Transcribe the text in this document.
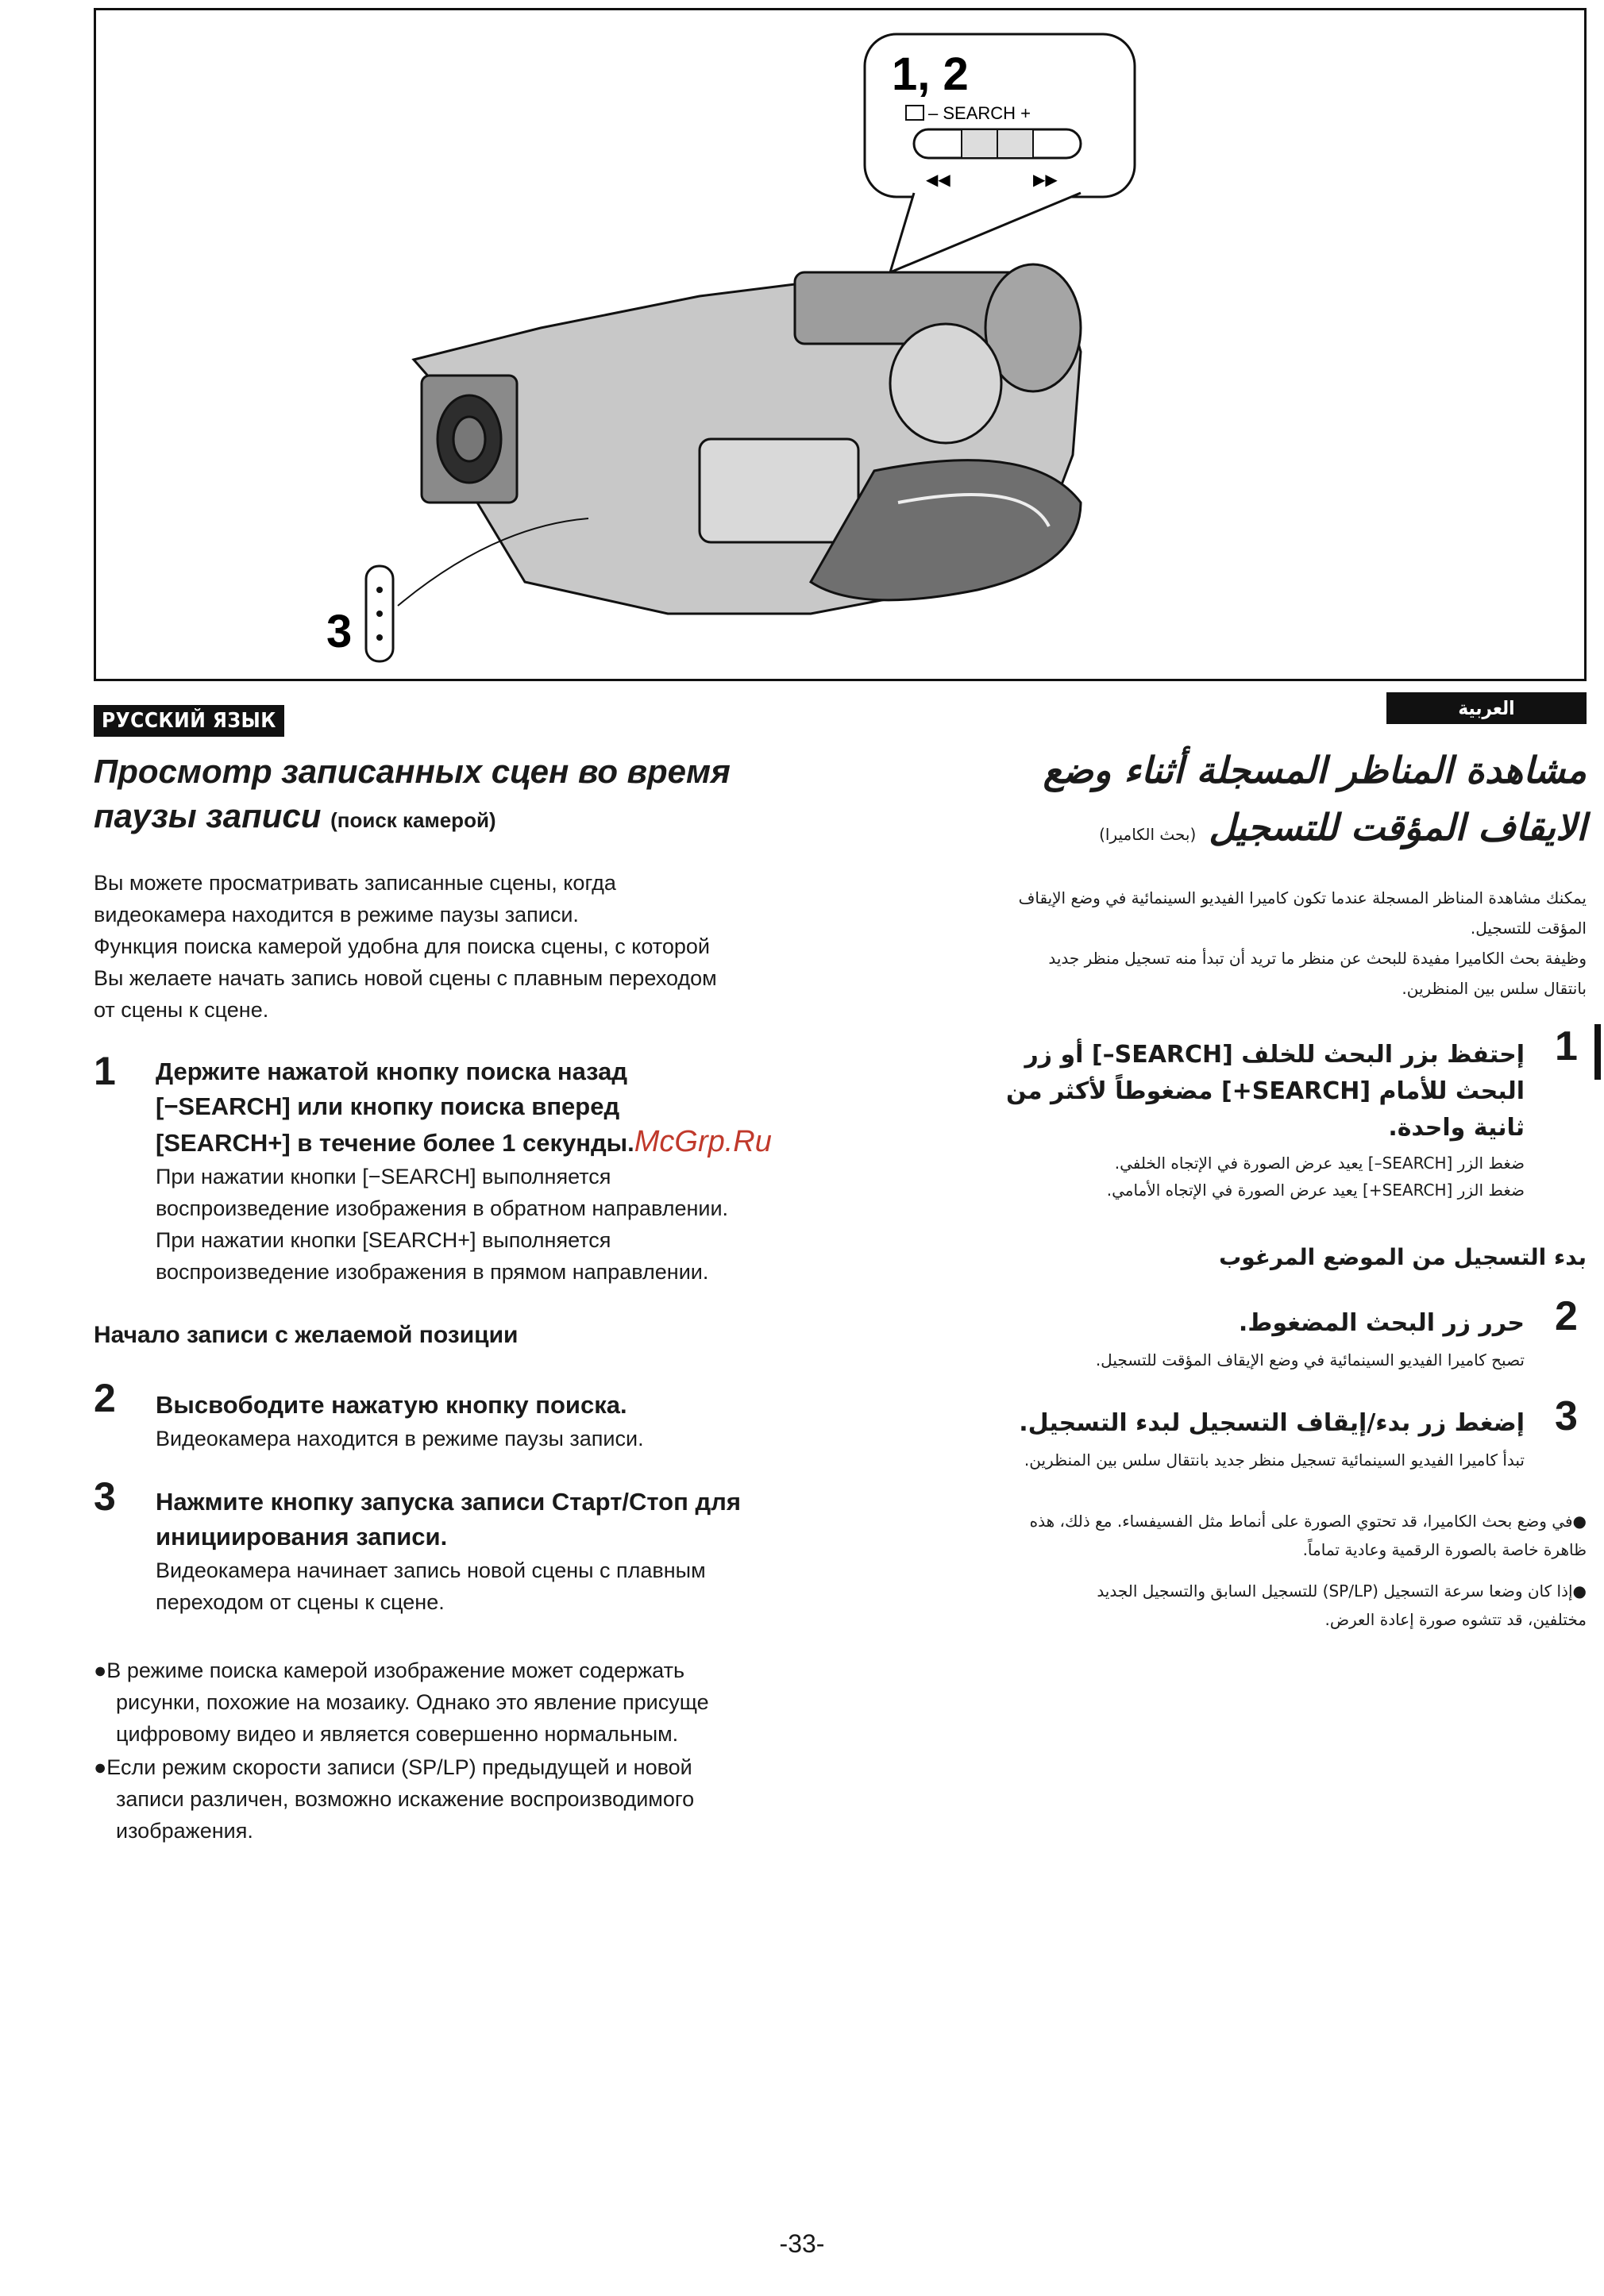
1, 2
– SEARCH +
◀◀	▶▶
3
РУССКИЙ ЯЗЫК
Просмотр записанных сцен во время
паузы записи (поиск камерой)
Вы можете просматривать записанные сцены, когда
видеокамера находится в режиме паузы записи.
Функция поиска камерой удобна для поиска сцены, с которой
Вы желаете начать запись новой сцены с плавным переходом
от сцены к сцене.
1 Держите нажатой кнопку поиска назад
[−SEARCH] или кнопку поиска вперед
[SEARCH+] в течение более 1 секунды.McGrp.Ru
При нажатии кнопки [−SEARCH] выполняется
воспроизведение изображения в обратном направлении.
При нажатии кнопки [SEARCH+] выполняется
воспроизведение изображения в прямом направлении.
Начало записи с желаемой позиции
2 Высвободите нажатую кнопку поиска.
Видеокамера находится в режиме паузы записи.
3 Нажмите кнопку запуска записи Старт/Стоп для
инициирования записи.
Видеокамера начинает запись новой сцены с плавным
переходом от сцены к сцене.
●В режиме поиска камерой изображение может содержать
рисунки, похожие на мозаику. Однако это явление присуще
цифровому видео и является совершенно нормальным.
●Если режим скорости записи (SP/LP) предыдущей и новой
записи различен, возможно искажение воспроизводимого
изображения.
العربية
مشاهدة المناظر المسجلة أثناء وضع
الايقاف المؤقت للتسجيل (بحث الكاميرا)
يمكنك مشاهدة المناظر المسجلة عندما تكون كاميرا الفيديو السينمائية في وضع الإيقاف
المؤقت للتسجيل.
وظيفة بحث الكاميرا مفيدة للبحث عن منظر ما تريد أن تبدأ منه تسجيل منظر جديد
بانتقال سلس بين المنظرين.
1
إحتفظ بزر البحث للخلف [SEARCH–] أو زر
البحث للأمام [SEARCH+] مضغوطاً لأكثر من
ثانية واحدة.
ضغط الزر [SEARCH–] يعيد عرض الصورة في الإتجاه الخلفي.
ضغط الزر [SEARCH+] يعيد عرض الصورة في الإتجاه الأمامي.
بدء التسجيل من الموضع المرغوب
2
حرر زر البحث المضغوط.
تصبح كاميرا الفيديو السينمائية في وضع الإيقاف المؤقت للتسجيل.
3
إضغط زر بدء/إيقاف التسجيل لبدء التسجيل.
تبدأ كاميرا الفيديو السينمائية تسجيل منظر جديد بانتقال سلس بين المنظرين.
●في وضع بحث الكاميرا، قد تحتوي الصورة على أنماط مثل الفسيفساء. مع ذلك، هذه
ظاهرة خاصة بالصورة الرقمية وعادية تماماً.
●إذا كان وضعا سرعة التسجيل (SP/LP) للتسجيل السابق والتسجيل الجديد
مختلفين، قد تتشوه صورة إعادة العرض.
-33-
